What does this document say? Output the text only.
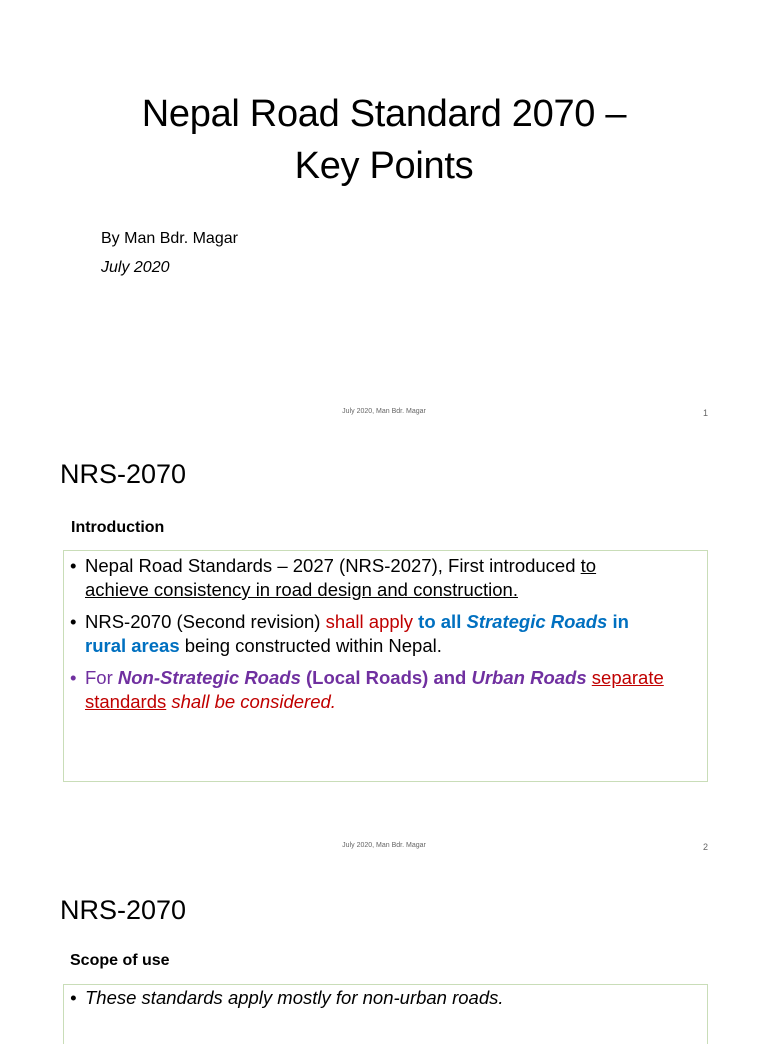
Nepal Road Standard 2070 –
Key Points
By Man Bdr. Magar
July 2020
July 2020, Man Bdr. Magar	1
NRS-2070
Introduction
• Nepal Road Standards – 2027 (NRS-2027), First introduced to
achieve consistency in road design and construction.
• NRS-2070 (Second revision) shall apply to all Strategic Roads in
rural areas being constructed within Nepal.
• For Non-Strategic Roads (Local Roads) and Urban Roads separate
standards shall be considered.
July 2020, Man Bdr. Magar	2
NRS-2070
Scope of use
• These standards apply mostly for non-urban roads.
